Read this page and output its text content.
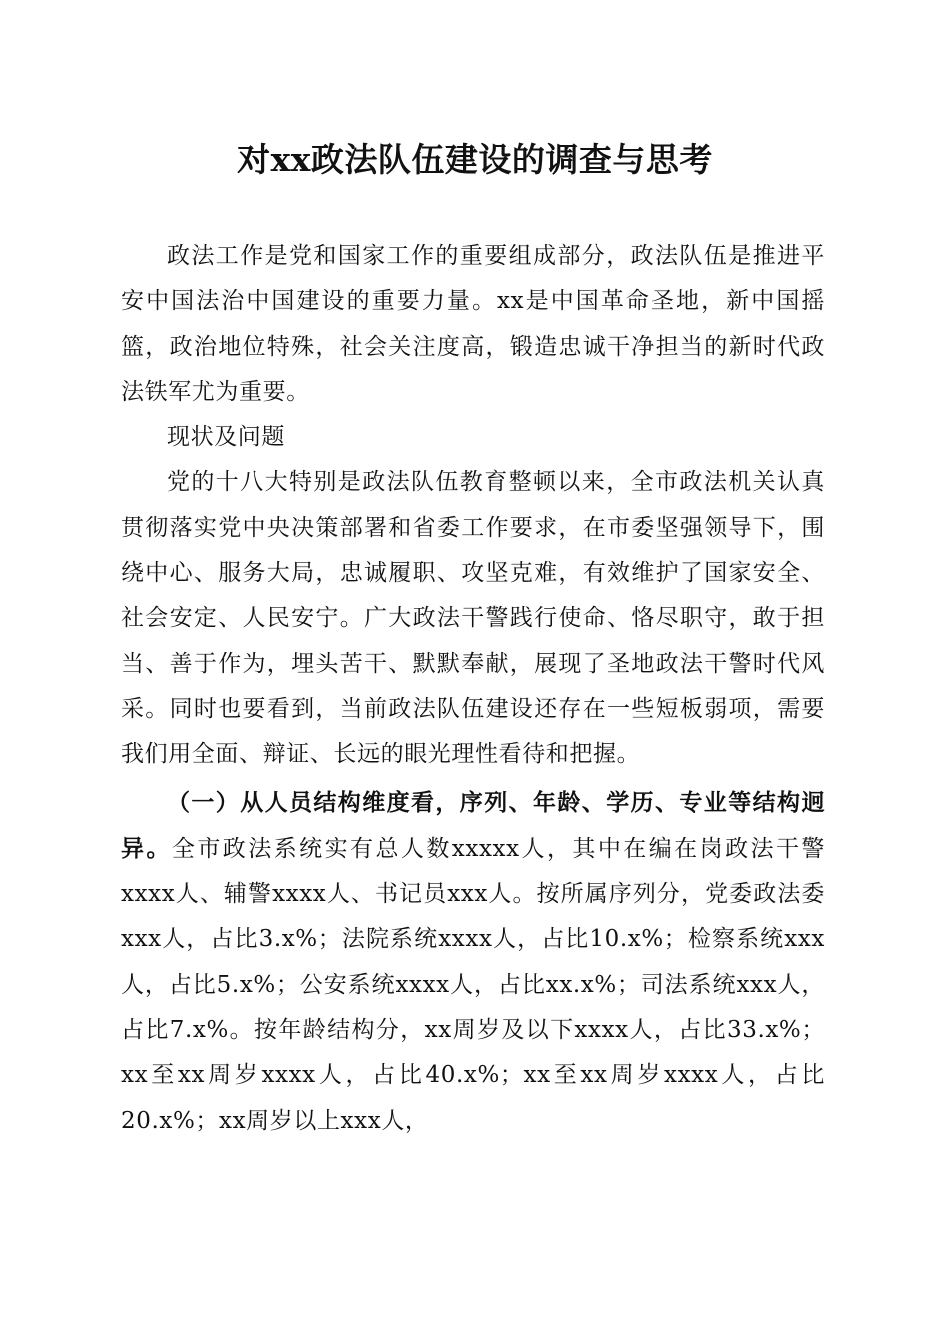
对xx政法队伍建设的调查与思考

政法工作是党和国家工作的重要组成部分，政法队伍是推进平安中国法治中国建设的重要力量。xx是中国革命圣地，新中国摇篮，政治地位特殊，社会关注度高，锻造忠诚干净担当的新时代政法铁军尤为重要。

现状及问题

党的十八大特别是政法队伍教育整顿以来，全市政法机关认真贯彻落实党中央决策部署和省委工作要求，在市委坚强领导下，围绕中心、服务大局，忠诚履职、攻坚克难，有效维护了国家安全、社会安定、人民安宁。广大政法干警践行使命、恪尽职守，敢于担当、善于作为，埋头苦干、默默奉献，展现了圣地政法干警时代风采。同时也要看到，当前政法队伍建设还存在一些短板弱项，需要我们用全面、辩证、长远的眼光理性看待和把握。

（一）从人员结构维度看，序列、年龄、学历、专业等结构迥异。全市政法系统实有总人数xxxxx人，其中在编在岗政法干警xxxx人、辅警xxxx人、书记员xxx人。按所属序列分，党委政法委xxx人，占比3.x%；法院系统xxxx人，占比10.x%；检察系统xxx人，占比5.x%；公安系统xxxx人，占比xx.x%；司法系统xxx人，占比7.x%。按年龄结构分，xx周岁及以下xxxx人，占比33.x%；xx至xx周岁xxxx人，占比40.x%；xx至xx周岁xxxx人，占比20.x%；xx周岁以上xxx人，
